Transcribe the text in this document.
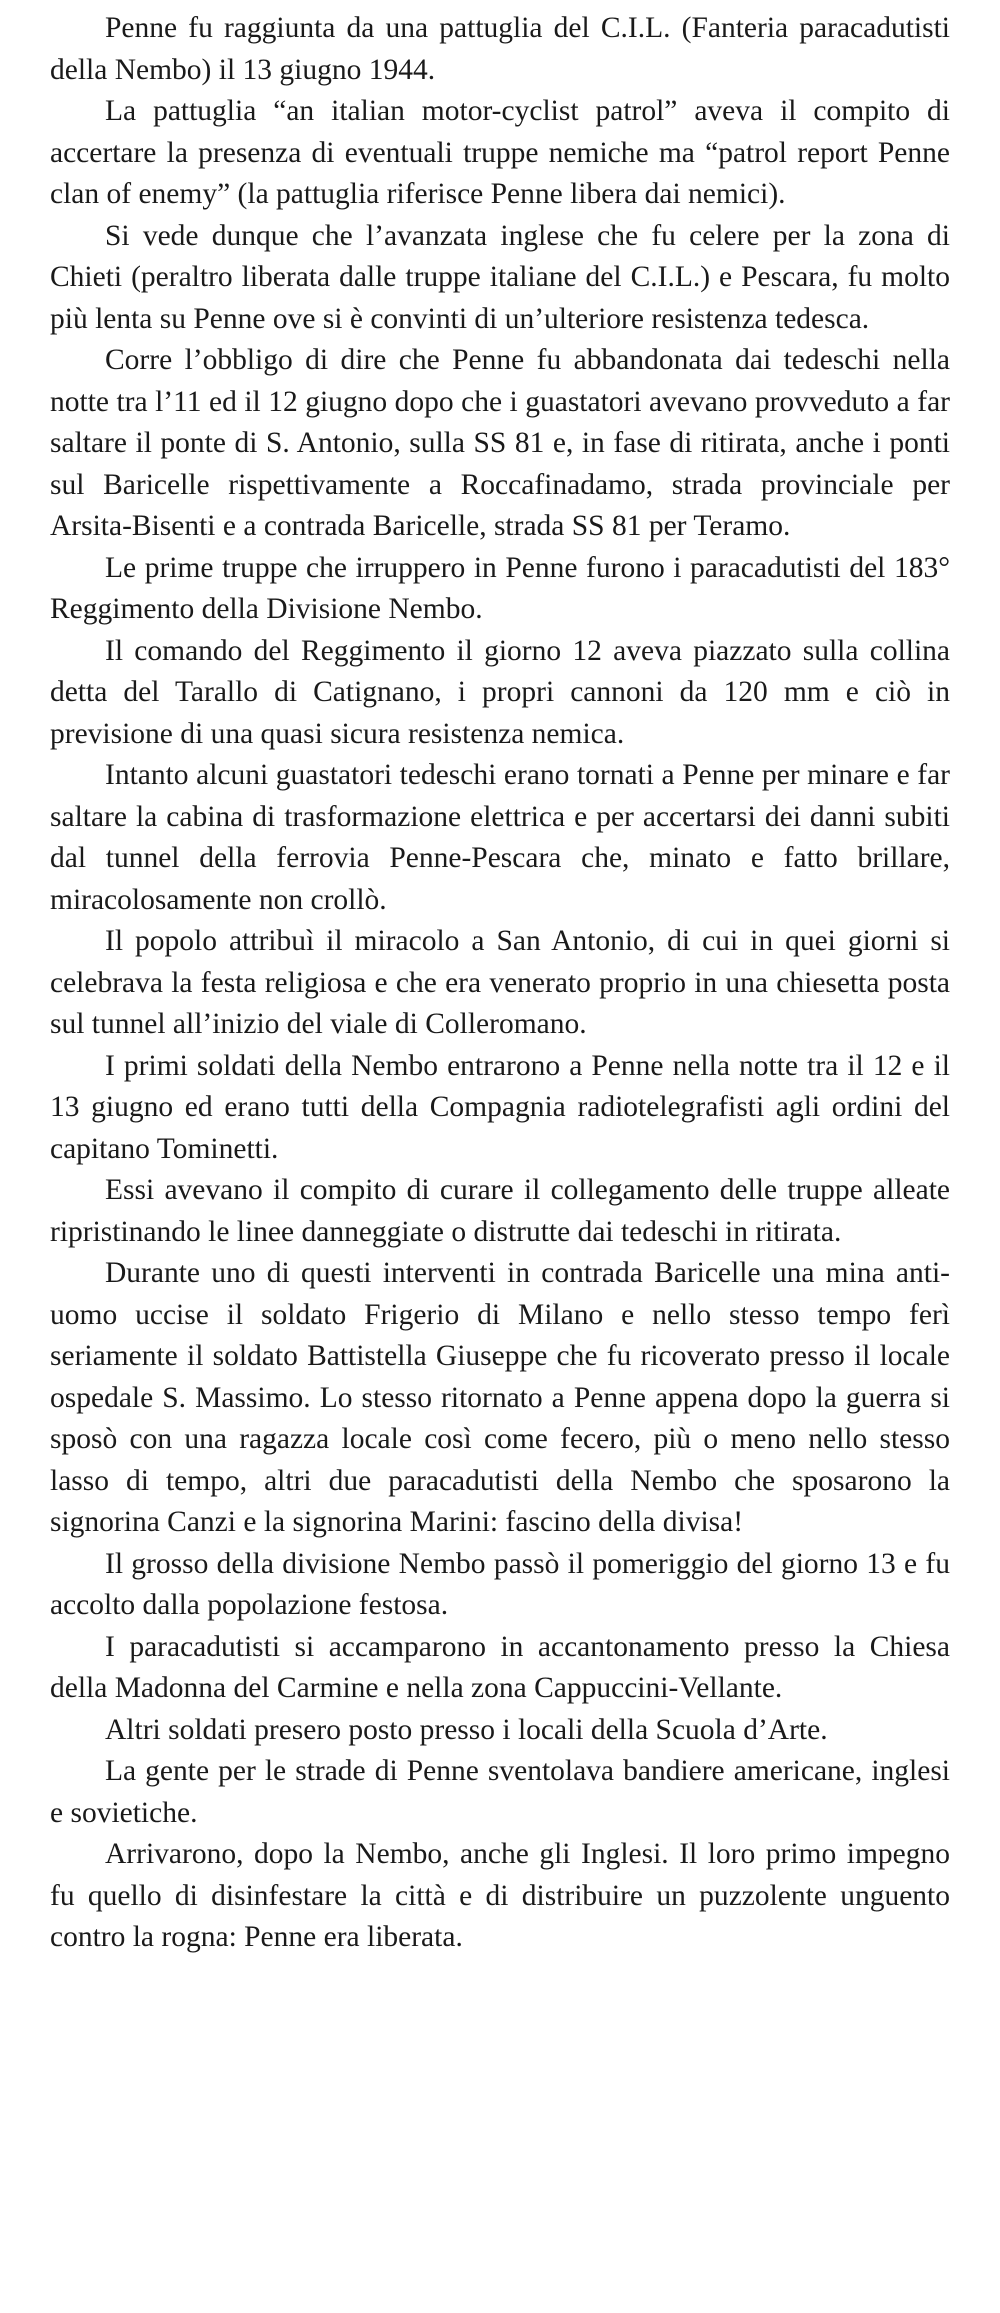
Penne fu raggiunta da una pattuglia del C.I.L. (Fanteria paracadutisti della Nembo) il 13 giugno 1944.

La pattuglia “an italian motor-cyclist patrol” aveva il compito di accertare la presenza di eventuali truppe nemiche ma “patrol report Penne clan of enemy” (la pattuglia riferisce Penne libera dai nemici).

Si vede dunque che l’avanzata inglese che fu celere per la zona di Chieti (peraltro liberata dalle truppe italiane del C.I.L.) e Pescara, fu molto più lenta su Penne ove si è convinti di un’ulteriore resistenza tedesca.

Corre l’obbligo di dire che Penne fu abbandonata dai tedeschi nella notte tra l’11 ed il 12 giugno dopo che i guastatori avevano provveduto a far saltare il ponte di S. Antonio, sulla SS 81 e, in fase di ritirata, anche i ponti sul Baricelle rispettivamente a Roccafinadamo, strada provinciale per Arsita-Bisenti e a contrada Baricelle, strada SS 81 per Teramo.

Le prime truppe che irruppero in Penne furono i paracadutisti del 183° Reggimento della Divisione Nembo.

Il comando del Reggimento il giorno 12 aveva piazzato sulla collina detta del Tarallo di Catignano, i propri cannoni da 120 mm e ciò in previsione di una quasi sicura resistenza nemica.

Intanto alcuni guastatori tedeschi erano tornati a Penne per minare e far saltare la cabina di trasformazione elettrica e per accertarsi dei danni subiti dal tunnel della ferrovia Penne-Pescara che, minato e fatto brillare, miracolosamente non crollò.

Il popolo attribuì il miracolo a San Antonio, di cui in quei giorni si celebrava la festa religiosa e che era venerato proprio in una chiesetta posta sul tunnel all’inizio del viale di Colleromano.

I primi soldati della Nembo entrarono a Penne nella notte tra il 12 e il 13 giugno ed erano tutti della Compagnia radiotelegrafisti agli ordini del capitano Tominetti.

Essi avevano il compito di curare il collegamento delle truppe alleate ripristinando le linee danneggiate o distrutte dai tedeschi in ritirata.

Durante uno di questi interventi in contrada Baricelle una mina anti-uomo uccise il soldato Frigerio di Milano e nello stesso tempo ferì seriamente il soldato Battistella Giuseppe che fu ricoverato presso il locale ospedale S. Massimo. Lo stesso ritornato a Penne appena dopo la guerra si sposò con una ragazza locale così come fecero, più o meno nello stesso lasso di tempo, altri due paracadutisti della Nembo che sposarono la signorina Canzi e la signorina Marini: fascino della divisa!

Il grosso della divisione Nembo passò il pomeriggio del giorno 13 e fu accolto dalla popolazione festosa.

I paracadutisti si accamparono in accantonamento presso la Chiesa della Madonna del Carmine e nella zona Cappuccini-Vellante.

Altri soldati presero posto presso i locali della Scuola d’Arte.

La gente per le strade di Penne sventolava bandiere americane, inglesi e sovietiche.

Arrivarono, dopo la Nembo, anche gli Inglesi. Il loro primo impegno fu quello di disinfestare la città e di distribuire un puzzolente unguento contro la rogna: Penne era liberata.
